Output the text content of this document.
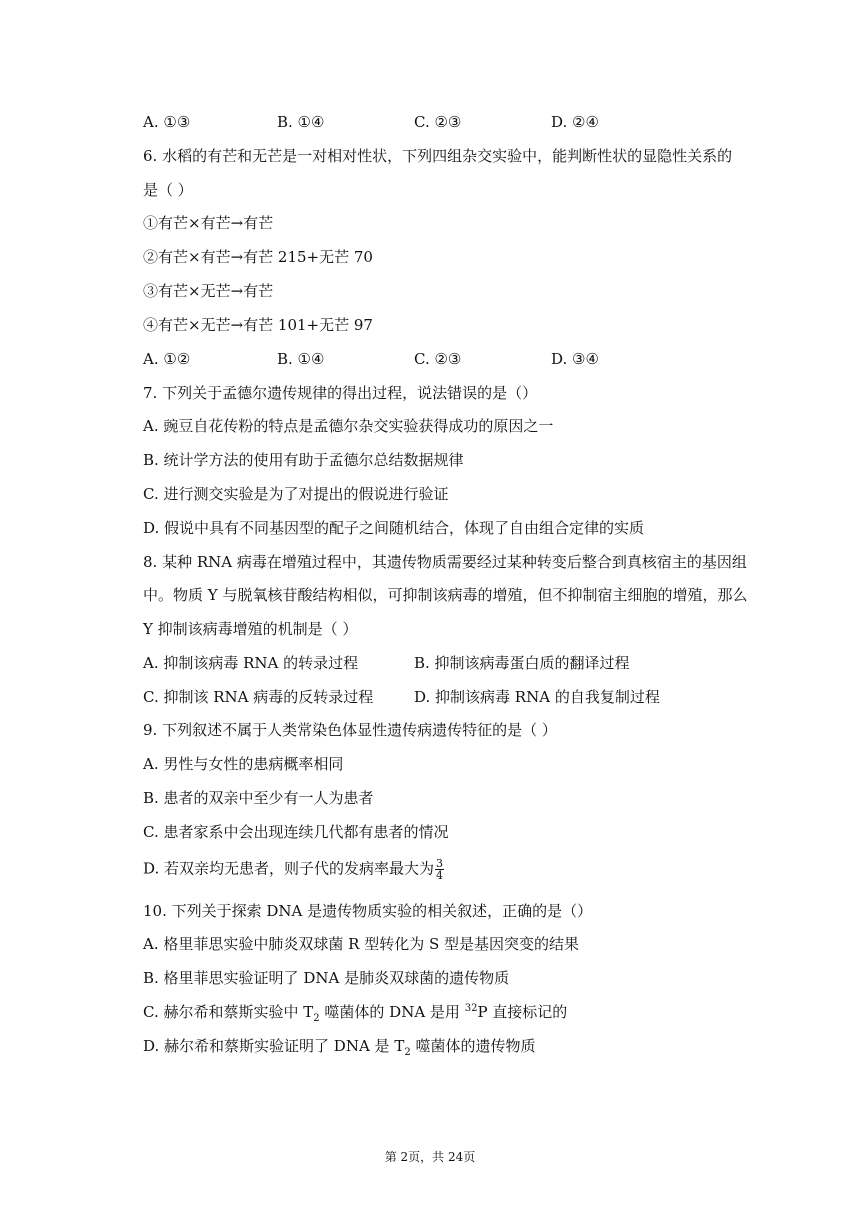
A. ①③	B. ①④	C. ②③	D. ②④
6. 水稻的有芒和无芒是一对相对性状，下列四组杂交实验中，能判断性状的显隐性关系的
是（ ）
①有芒×有芒→有芒
②有芒×有芒→有芒 215+无芒 70
③有芒×无芒→有芒
④有芒×无芒→有芒 101+无芒 97
A. ①②	B. ①④	C. ②③	D. ③④
7. 下列关于孟德尔遗传规律的得出过程，说法错误的是（）
A. 豌豆自花传粉的特点是孟德尔杂交实验获得成功的原因之一
B. 统计学方法的使用有助于孟德尔总结数据规律
C. 进行测交实验是为了对提出的假说进行验证
D. 假说中具有不同基因型的配子之间随机结合，体现了自由组合定律的实质
8. 某种 RNA 病毒在增殖过程中，其遗传物质需要经过某种转变后整合到真核宿主的基因组
中。物质 Y 与脱氧核苷酸结构相似，可抑制该病毒的增殖，但不抑制宿主细胞的增殖，那么
Y 抑制该病毒增殖的机制是（ ）
A. 抑制该病毒 RNA 的转录过程	B. 抑制该病毒蛋白质的翻译过程
C. 抑制该 RNA 病毒的反转录过程	D. 抑制该病毒 RNA 的自我复制过程
9. 下列叙述不属于人类常染色体显性遗传病遗传特征的是（ ）
A. 男性与女性的患病概率相同
B. 患者的双亲中至少有一人为患者
C. 患者家系中会出现连续几代都有患者的情况
D. 若双亲均无患者，则子代的发病率最大为 $\frac{3}{4}$
10. 下列关于探索 DNA 是遗传物质实验的相关叙述，正确的是（）
A. 格里菲思实验中肺炎双球菌 R 型转化为 S 型是基因突变的结果
B. 格里菲思实验证明了 DNA 是肺炎双球菌的遗传物质
C. 赫尔希和蔡斯实验中 $T_2$ 噬菌体的 DNA 是用 $^{32}$P 直接标记的
D. 赫尔希和蔡斯实验证明了 DNA 是 $T_2$ 噬菌体的遗传物质
第 2页，共 24页
